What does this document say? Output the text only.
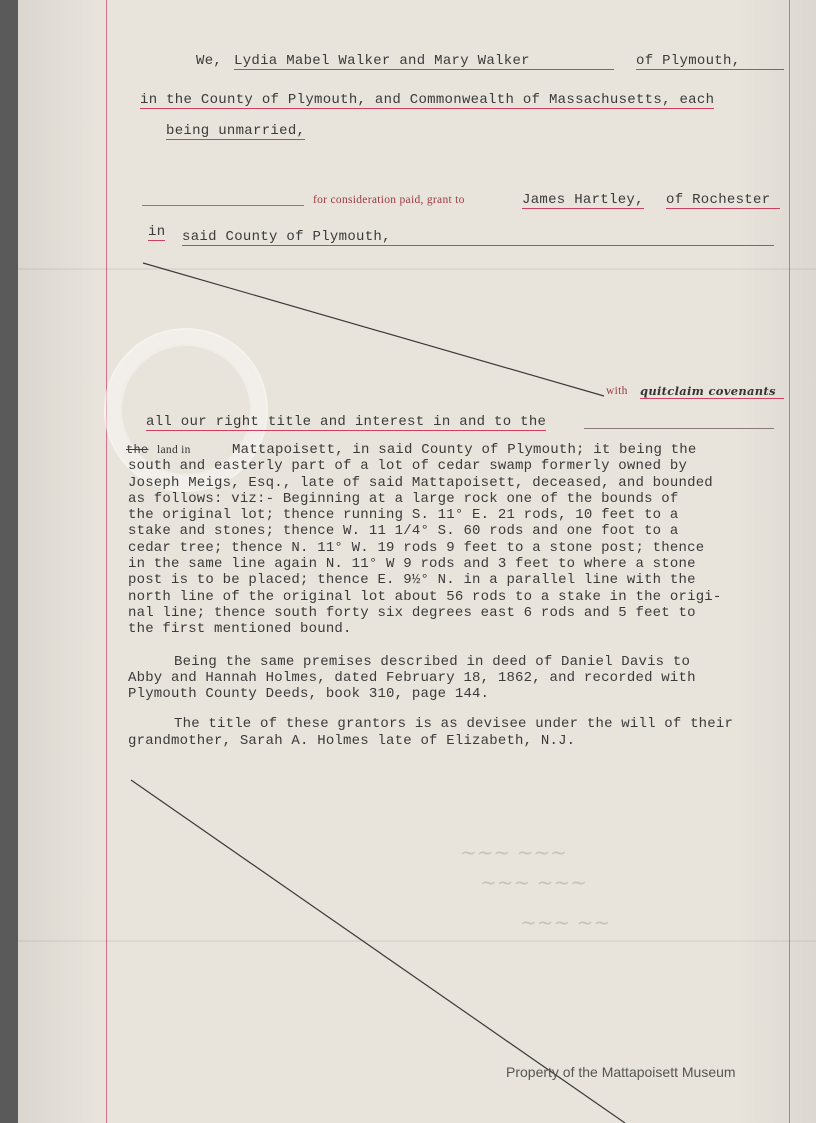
~~~ ~~~
~~~ ~~~
~~~ ~~
We, Lydia Mabel Walker and Mary Walker	of Plymouth,
in the County of Plymouth, and Commonwealth of Massachusetts, each
being unmarried,
for consideration paid, grant to	James Hartley, of Rochester
in said County of Plymouth,
with quitclaim covenants
all our right title and interest in and to the
the land in	Mattapoisett, in said County of Plymouth; it being the
south and easterly part of a lot of cedar swamp formerly owned by
Joseph Meigs, Esq., late of said Mattapoisett, deceased, and bounded
as follows: viz:- Beginning at a large rock one of the bounds of
the original lot; thence running S. 11° E. 21 rods, 10 feet to a
stake and stones; thence W. 11 1/4° S. 60 rods and one foot to a
cedar tree; thence N. 11° W. 19 rods 9 feet to a stone post; thence
in the same line again N. 11° W 9 rods and 3 feet to where a stone
post is to be placed; thence E. 9½° N. in a parallel line with the
north line of the original lot about 56 rods to a stake in the origi-
nal line; thence south forty six degrees east 6 rods and 5 feet to
the first mentioned bound.
Being the same premises described in deed of Daniel Davis to
Abby and Hannah Holmes, dated February 18, 1862, and recorded with
Plymouth County Deeds, book 310, page 144.
The title of these grantors is as devisee under the will of their
grandmother, Sarah A. Holmes late of Elizabeth, N.J.
Property of the Mattapoisett Museum
